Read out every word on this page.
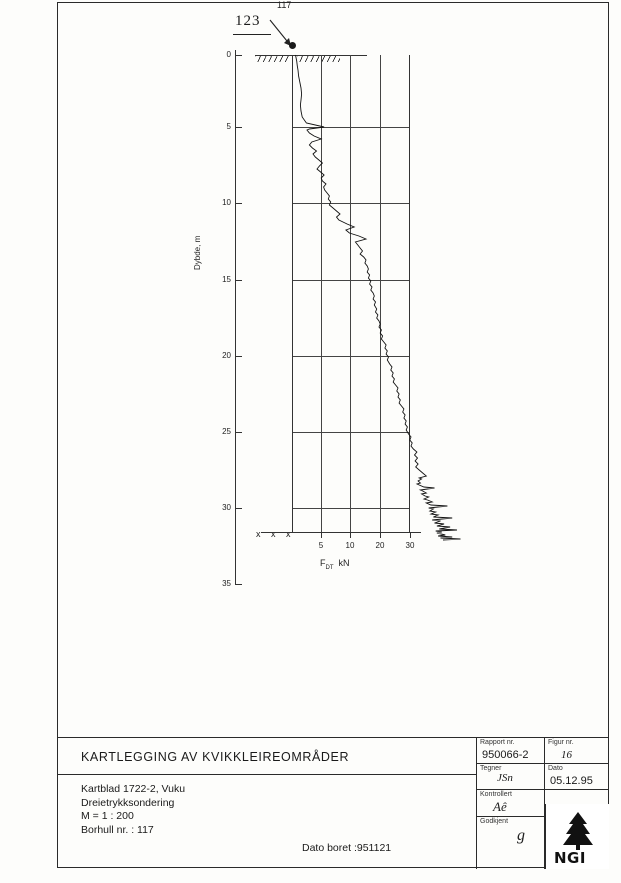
123
117
Dybde, m
0
5
10
15
20
25
30
35
x x x
5	10	20	30
$F_{DT}$ kN
KARTLEGGING AV KVIKKLEIREOMRÅDER
Kartblad 1722-2, Vuku
Dreietrykksondering
M = 1 : 200
Borhull nr. : 117
Dato boret :951121
Rapport nr.
950066-2
Figur nr.
16
Tegner
JSn
Dato
05.12.95
Kontrollert
Aê
Godkjent
g
NGI
